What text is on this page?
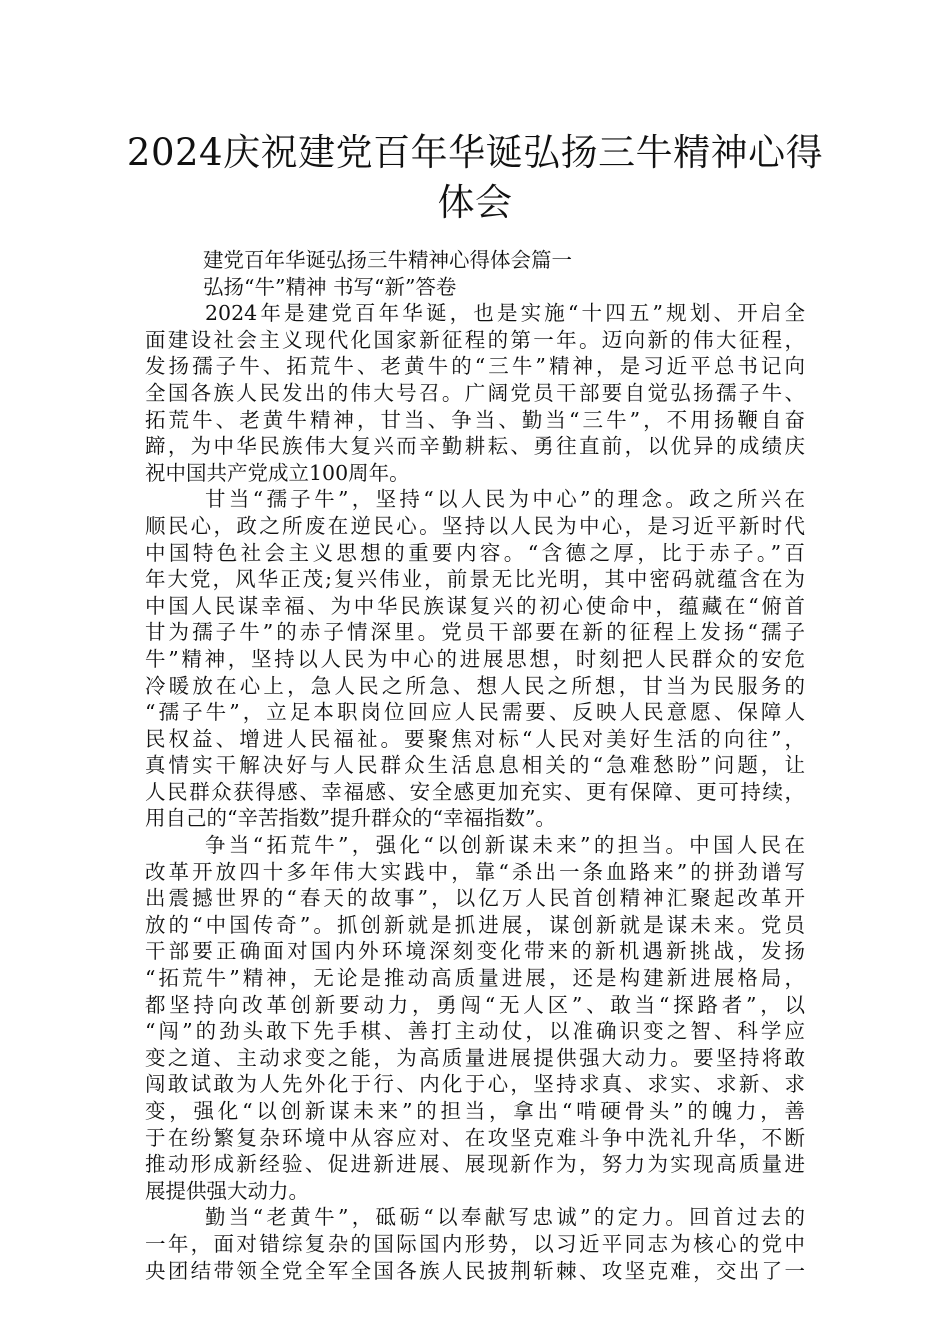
2024庆祝建党百年华诞弘扬三牛精神心得
体会
建党百年华诞弘扬三牛精神心得体会篇一
弘扬“牛”精神 书写“新”答卷
2024年是建党百年华诞，也是实施“十四五”规划、开启全
面建设社会主义现代化国家新征程的第一年。迈向新的伟大征程，
发扬孺子牛、拓荒牛、老黄牛的“三牛”精神，是习近平总书记向
全国各族人民发出的伟大号召。广阔党员干部要自觉弘扬孺子牛、
拓荒牛、老黄牛精神，甘当、争当、勤当“三牛”，不用扬鞭自奋
蹄，为中华民族伟大复兴而辛勤耕耘、勇往直前，以优异的成绩庆
祝中国共产党成立100周年。
甘当“孺子牛”，坚持“以人民为中心”的理念。政之所兴在
顺民心，政之所废在逆民心。坚持以人民为中心，是习近平新时代
中国特色社会主义思想的重要内容。“含德之厚，比于赤子。”百
年大党，风华正茂;复兴伟业，前景无比光明，其中密码就蕴含在为
中国人民谋幸福、为中华民族谋复兴的初心使命中，蕴藏在“俯首
甘为孺子牛”的赤子情深里。党员干部要在新的征程上发扬“孺子
牛”精神，坚持以人民为中心的进展思想，时刻把人民群众的安危
冷暖放在心上，急人民之所急、想人民之所想，甘当为民服务的
“孺子牛”，立足本职岗位回应人民需要、反映人民意愿、保障人
民权益、增进人民福祉。要聚焦对标“人民对美好生活的向往”，
真情实干解决好与人民群众生活息息相关的“急难愁盼”问题，让
人民群众获得感、幸福感、安全感更加充实、更有保障、更可持续，
用自己的“辛苦指数”提升群众的“幸福指数”。
争当“拓荒牛”，强化“以创新谋未来”的担当。中国人民在
改革开放四十多年伟大实践中，靠“杀出一条血路来”的拼劲谱写
出震撼世界的“春天的故事”，以亿万人民首创精神汇聚起改革开
放的“中国传奇”。抓创新就是抓进展，谋创新就是谋未来。党员
干部要正确面对国内外环境深刻变化带来的新机遇新挑战，发扬
“拓荒牛”精神，无论是推动高质量进展，还是构建新进展格局，
都坚持向改革创新要动力，勇闯“无人区”、敢当“探路者”，以
“闯”的劲头敢下先手棋、善打主动仗，以准确识变之智、科学应
变之道、主动求变之能，为高质量进展提供强大动力。要坚持将敢
闯敢试敢为人先外化于行、内化于心，坚持求真、求实、求新、求
变，强化“以创新谋未来”的担当，拿出“啃硬骨头”的魄力，善
于在纷繁复杂环境中从容应对、在攻坚克难斗争中洗礼升华，不断
推动形成新经验、促进新进展、展现新作为，努力为实现高质量进
展提供强大动力。
勤当“老黄牛”，砥砺“以奉献写忠诚”的定力。回首过去的
一年，面对错综复杂的国际国内形势，以习近平同志为核心的党中
央团结带领全党全军全国各族人民披荆斩棘、攻坚克难，交出了一
